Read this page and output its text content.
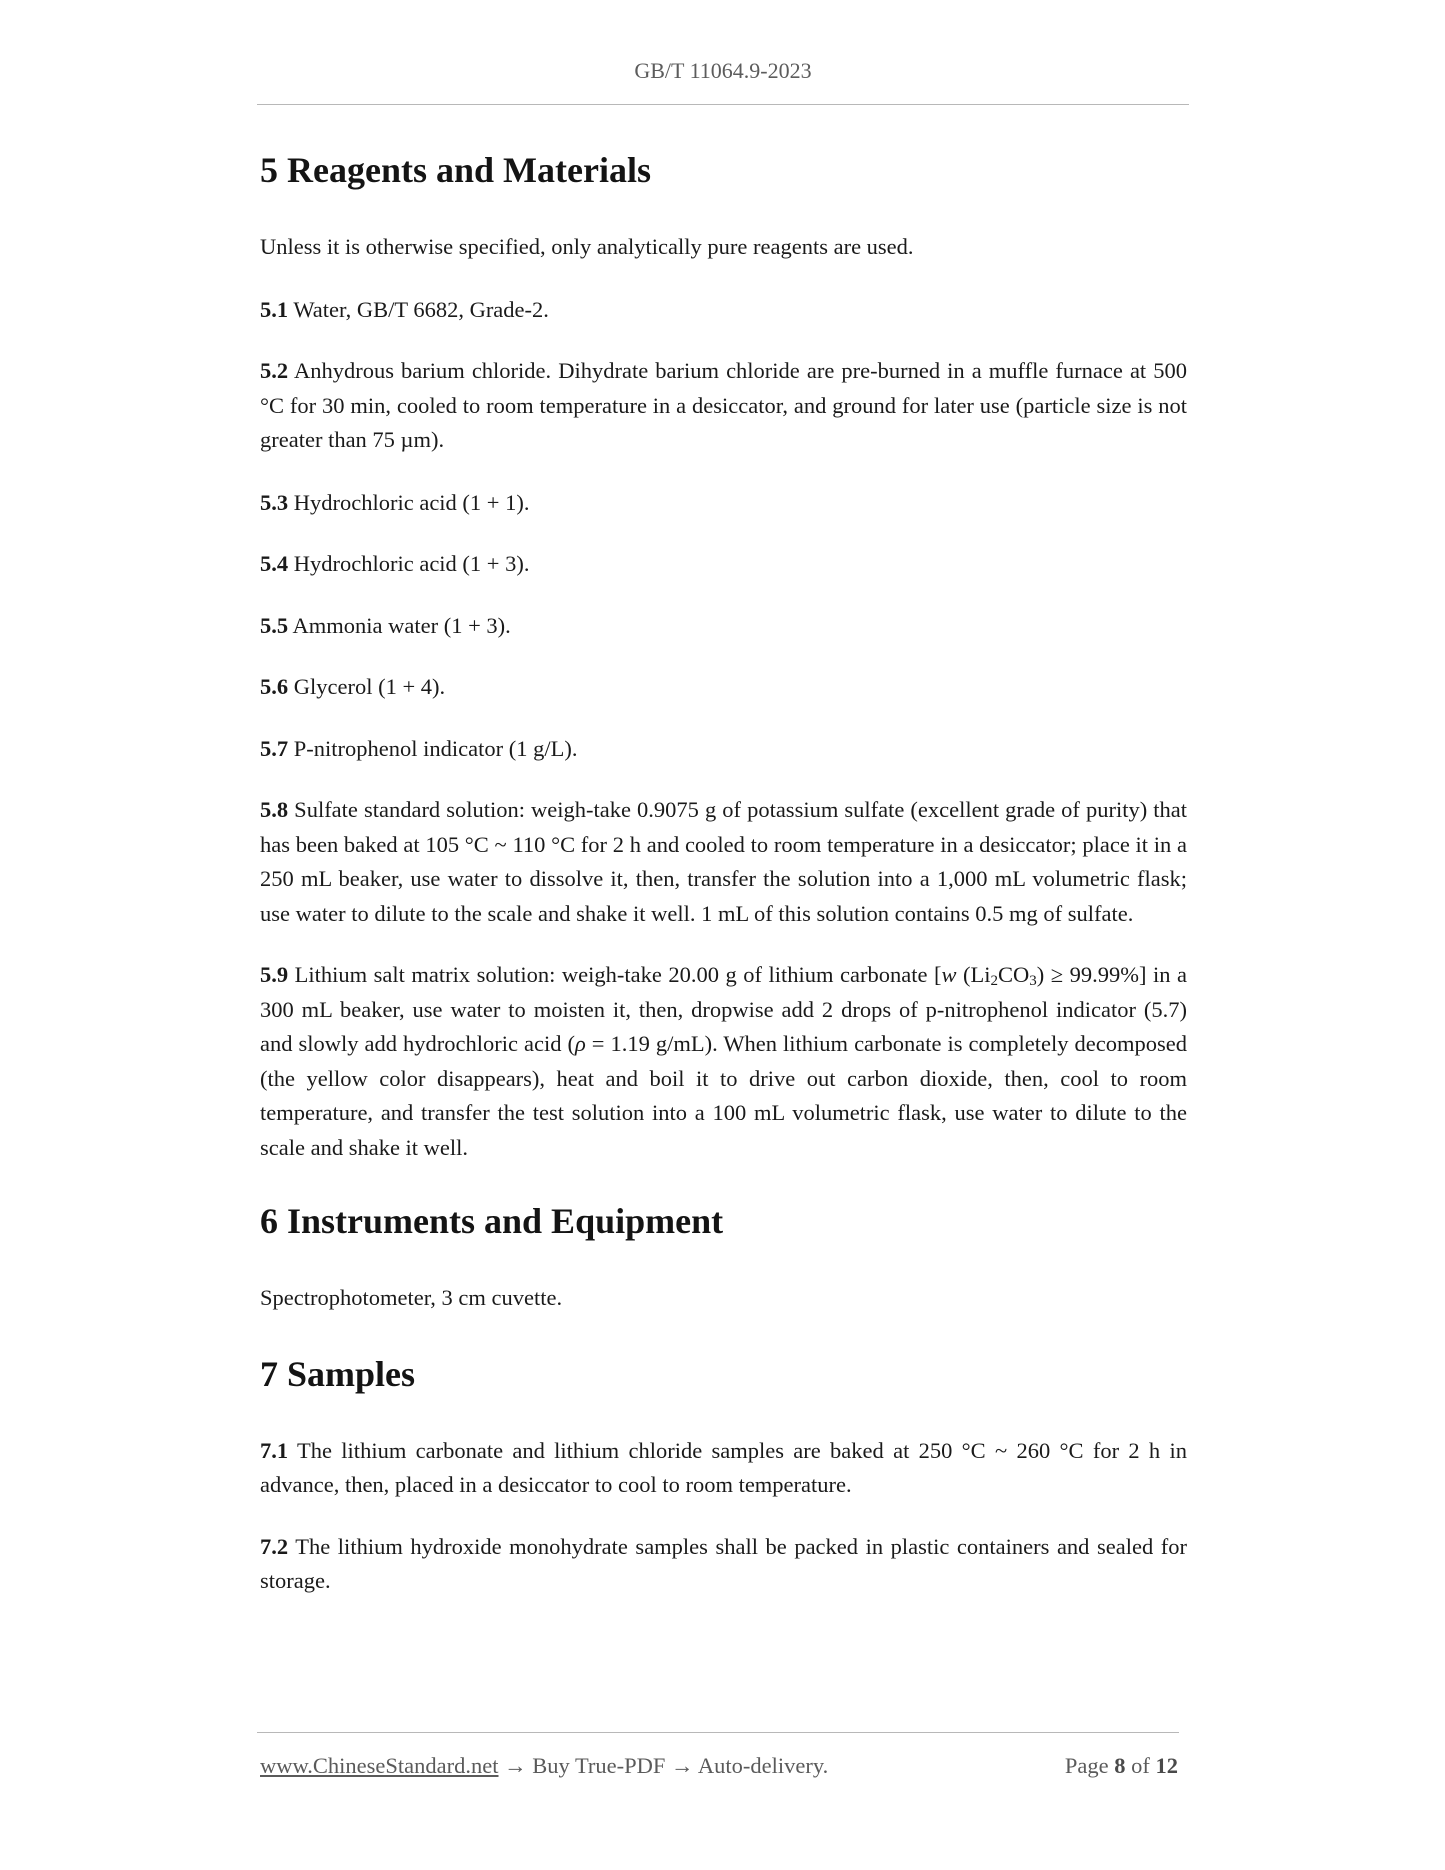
GB/T 11064.9-2023
5 Reagents and Materials

Unless it is otherwise specified, only analytically pure reagents are used.

5.1 Water, GB/T 6682, Grade-2.

5.2 Anhydrous barium chloride. Dihydrate barium chloride are pre-burned in a muffle furnace at 500 °C for 30 min, cooled to room temperature in a desiccator, and ground for later use (particle size is not greater than 75 µm).

5.3 Hydrochloric acid (1 + 1).

5.4 Hydrochloric acid (1 + 3).

5.5 Ammonia water (1 + 3).

5.6 Glycerol (1 + 4).

5.7 P-nitrophenol indicator (1 g/L).

5.8 Sulfate standard solution: weigh-take 0.9075 g of potassium sulfate (excellent grade of purity) that has been baked at 105 °C ~ 110 °C for 2 h and cooled to room temperature in a desiccator; place it in a 250 mL beaker, use water to dissolve it, then, transfer the solution into a 1,000 mL volumetric flask; use water to dilute to the scale and shake it well. 1 mL of this solution contains 0.5 mg of sulfate.

5.9 Lithium salt matrix solution: weigh-take 20.00 g of lithium carbonate [w $(Li_2CO_3) \ge 99.99\%$] in a 300 mL beaker, use water to moisten it, then, dropwise add 2 drops of p-nitrophenol indicator (5.7) and slowly add hydrochloric acid (ρ = 1.19 g/mL). When lithium carbonate is completely decomposed (the yellow color disappears), heat and boil it to drive out carbon dioxide, then, cool to room temperature, and transfer the test solution into a 100 mL volumetric flask, use water to dilute to the scale and shake it well.

6 Instruments and Equipment

Spectrophotometer, 3 cm cuvette.

7 Samples

7.1 The lithium carbonate and lithium chloride samples are baked at 250 °C ~ 260 °C for 2 h in advance, then, placed in a desiccator to cool to room temperature.

7.2 The lithium hydroxide monohydrate samples shall be packed in plastic containers and sealed for storage.

www.ChineseStandard.net → Buy True-PDF → Auto-delivery.	Page 8 of 12
